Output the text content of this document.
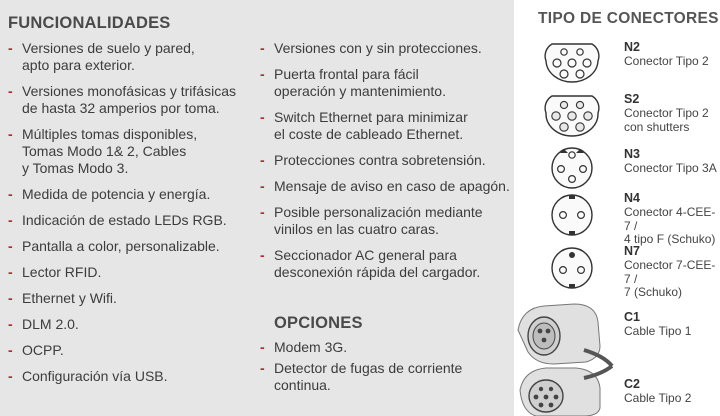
FUNCIONALIDADES
- Versiones de suelo y pared,
apto para exterior.
- Versiones monofásicas y trifásicas
de hasta 32 amperios por toma.
- Múltiples tomas disponibles,
Tomas Modo 1& 2, Cables
y Tomas Modo 3.
- Medida de potencia y energía.
- Indicación de estado LEDs RGB.
- Pantalla a color, personalizable.
- Lector RFID.
- Ethernet y Wifi.
- DLM 2.0.
- OCPP.
- Configuración vía USB.
- Versiones con y sin protecciones.
- Puerta frontal para fácil
operación y mantenimiento.
- Switch Ethernet para minimizar
el coste de cableado Ethernet.
- Protecciones contra sobretensión.
- Mensaje de aviso en caso de apagón.
- Posible personalización mediante
vinilos en las cuatro caras.
- Seccionador AC general para
desconexión rápida del cargador.
OPCIONES
- Modem 3G.
- Detector de fugas de corriente
continua.
TIPO DE CONECTORES
N2
Conector Tipo 2
S2
Conector Tipo 2
con shutters
N3
Conector Tipo 3A
N4
Conector 4-CEE-7 /
4 tipo F (Schuko)
N7
Conector 7-CEE-7 /
7 (Schuko)
C1
Cable Tipo 1
C2
Cable Tipo 2
